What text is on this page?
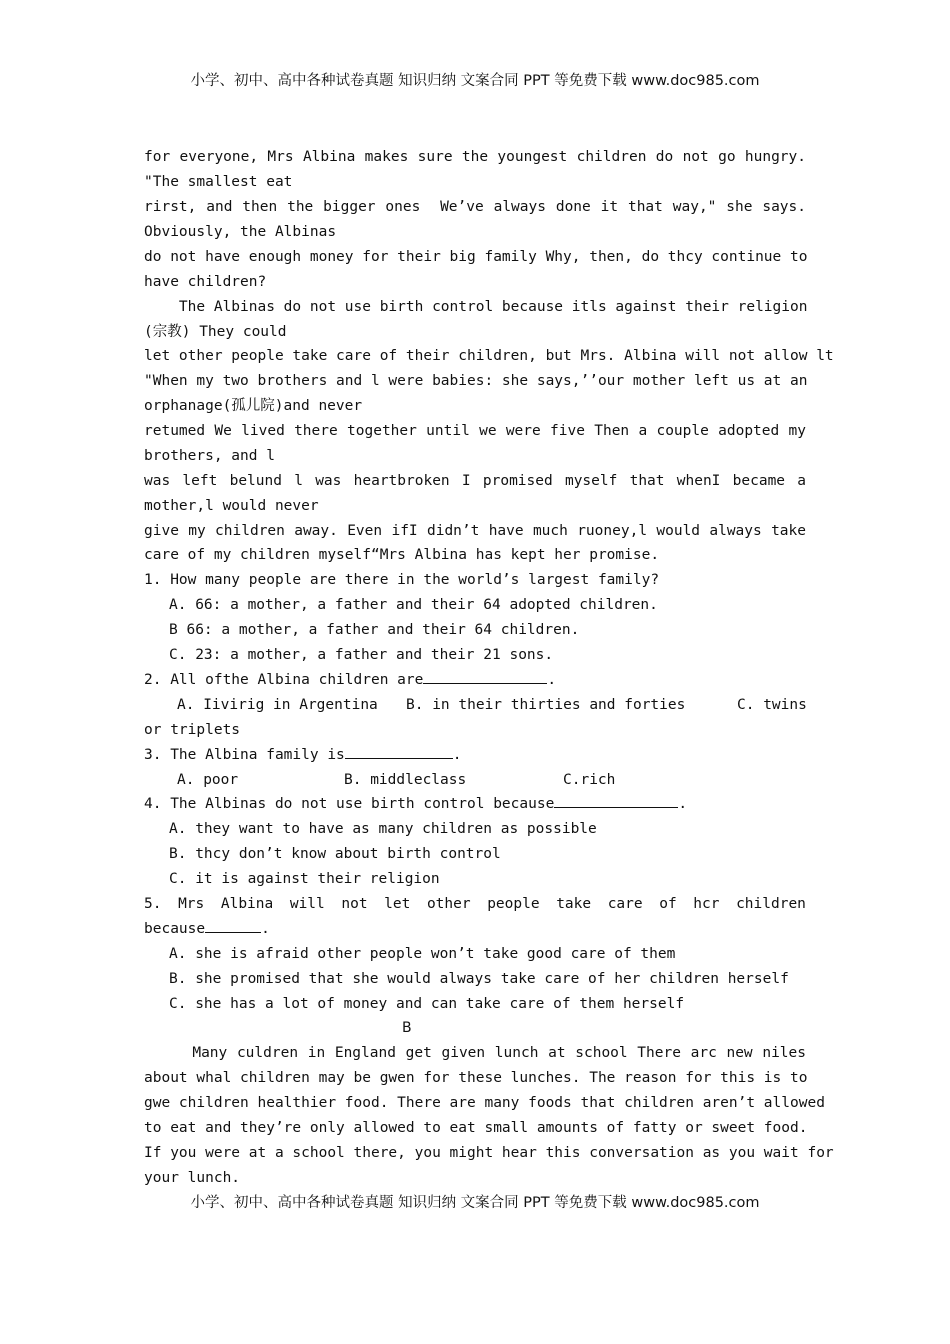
小学、初中、高中各种试卷真题 知识归纳 文案合同 PPT 等免费下载 www.doc985.com
for everyone, Mrs Albina makes sure the youngest children do not go hungry.
"The smallest eat
rirst, and then the bigger ones  We’ve always done it that way," she says.
Obviously, the Albinas
do not have enough money for their big family Why, then, do thcy continue to
have children?
The Albinas do not use birth control because itls against their religion
(宗教) They could
let other people take care of their children, but Mrs. Albina will not allow lt
"When my two brothers and l were babies: she says,’’our mother left us at an
orphanage(孤儿院)and never
retumed We lived there together until we were five Then a couple adopted my
brothers, and l
was left belund l was heartbroken I promised myself that whenI became a
mother,l would never
give my children away. Even ifI didn’t have much ruoney,l would always take
care of my children myself“Mrs Albina has kept her promise.
1. How many people are there in the world’s largest family?
A. 66: a mother, a father and their 64 adopted children.
B 66: a mother, a father and their 64 children.
C. 23: a mother, a father and their 21 sons.
2. All ofthe Albina children are	.
A. Iivirig in Argentina B. in their thirties and forties	C. twins
or triplets
3. The Albina family is	.
A. poor	B. middleclass	C.rich
4. The Albinas do not use birth control because	.
A. they want to have as many children as possible
B. thcy don’t know about birth control
C. it is against their religion
5. Mrs Albina will not let other people take care of hcr children
because	.
A. she is afraid other people won’t take good care of them
B. she promised that she would always take care of her children herself
C. she has a lot of money and can take care of them herself
B
Many culdren in England get given lunch at school There arc new niles
about whal children may be gwen for these lunches. The reason for this is to
gwe children healthier food. There are many foods that children aren’t allowed
to eat and they’re only allowed to eat small amounts of fatty or sweet food.
If you were at a school there, you might hear this conversation as you wait for
your lunch.
小学、初中、高中各种试卷真题 知识归纳 文案合同 PPT 等免费下载 www.doc985.com
